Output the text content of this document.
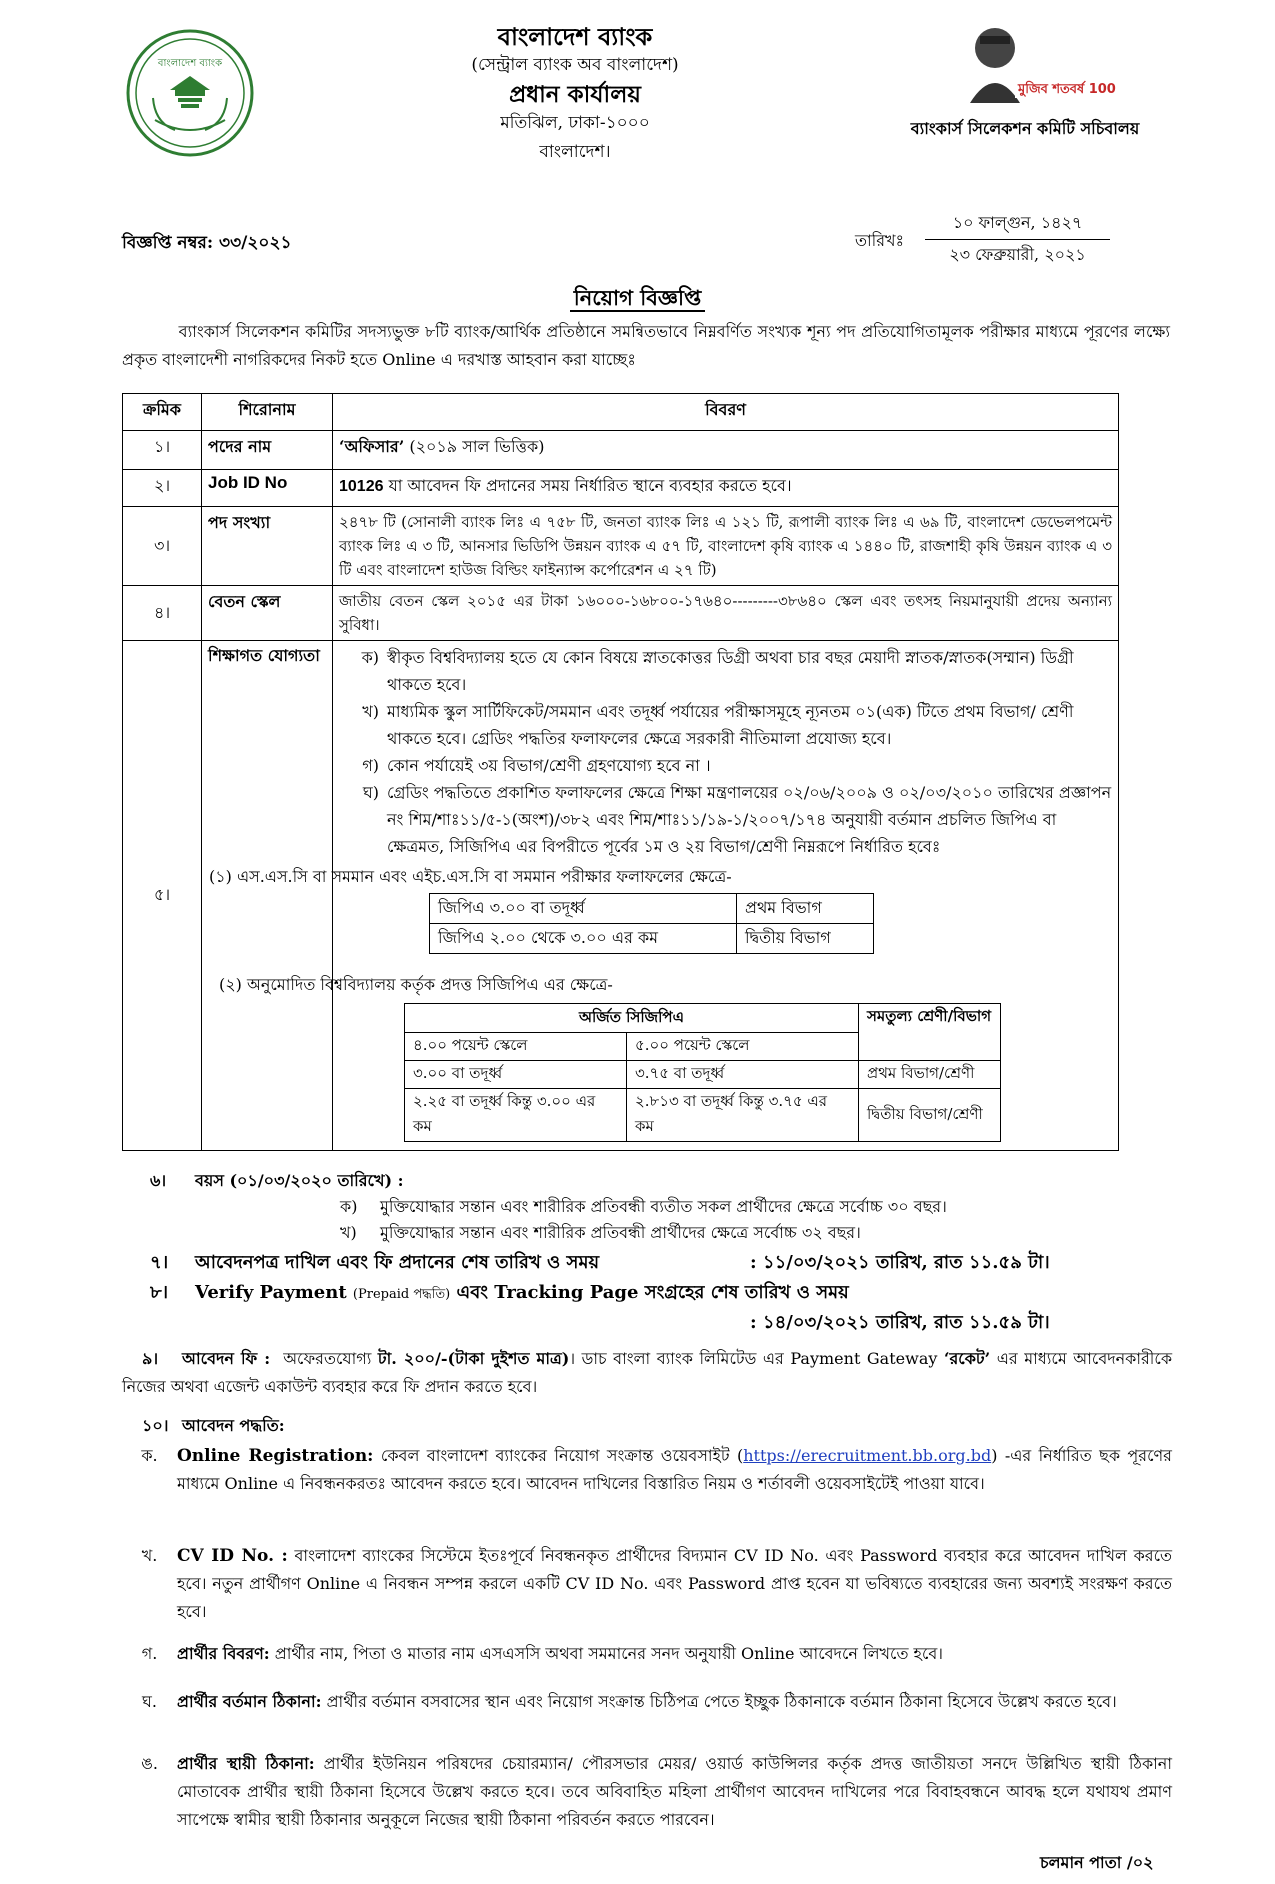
বাংলাদেশ ব্যাংক
বাংলাদেশ ব্যাংক
(সেন্ট্রাল ব্যাংক অব বাংলাদেশ)
প্রধান কার্যালয়
মতিঝিল, ঢাকা-১০০০
বাংলাদেশ।
মুজিব শতবর্ষ 100
ব্যাংকার্স সিলেকশন কমিটি সচিবালয়
বিজ্ঞপ্তি নম্বর: ৩৩/২০২১	তারিখঃ
১০ ফাল্গুন, ১৪২৭
২৩ ফেব্রুয়ারী, ২০২১
নিয়োগ বিজ্ঞপ্তি
ব্যাংকার্স সিলেকশন কমিটির সদস্যভুক্ত ৮টি ব্যাংক/আর্থিক প্রতিষ্ঠানে সমন্বিতভাবে নিম্নবর্ণিত সংখ্যক শূন্য পদ প্রতিযোগিতামূলক পরীক্ষার মাধ্যমে পূরণের লক্ষ্যে প্রকৃত বাংলাদেশী নাগরিকদের নিকট হতে Online এ দরখাস্ত আহবান করা যাচ্ছেঃ
ক্রমিক	শিরোনাম	বিবরণ
১।	পদের নাম	‘অফিসার’ (২০১৯ সাল ভিত্তিক)
২।	Job ID No	10126 যা আবেদন ফি প্রদানের সময় নির্ধারিত স্থানে ব্যবহার করতে হবে।
৩।	পদ সংখ্যা	২৪৭৮ টি (সোনালী ব্যাংক লিঃ এ ৭৫৮ টি, জনতা ব্যাংক লিঃ এ ১২১ টি, রূপালী ব্যাংক লিঃ এ ৬৯ টি, বাংলাদেশ ডেভেলপমেন্ট ব্যাংক লিঃ এ ৩ টি, আনসার ভিডিপি উন্নয়ন ব্যাংক এ ৫৭ টি, বাংলাদেশ কৃষি ব্যাংক এ ১৪৪০ টি, রাজশাহী কৃষি উন্নয়ন ব্যাংক এ ৩ টি এবং বাংলাদেশ হাউজ বিল্ডিং ফাইন্যান্স কর্পোরেশন এ ২৭ টি)
৪।	বেতন স্কেল	জাতীয় বেতন স্কেল ২০১৫ এর টাকা ১৬০০০-১৬৮০০-১৭৬৪০---------৩৮৬৪০ স্কেল এবং তৎসহ নিয়মানুযায়ী প্রদেয় অন্যান্য সুবিধা।
৫।	শিক্ষাগত যোগ্যতা	ক) স্বীকৃত বিশ্ববিদ্যালয় হতে যে কোন বিষয়ে স্নাতকোত্তর ডিগ্রী অথবা চার বছর মেয়াদী স্নাতক/স্নাতক(সম্মান) ডিগ্রী থাকতে হবে।
খ) মাধ্যমিক স্কুল সার্টিফিকেট/সমমান এবং তদূর্ধ্ব পর্যায়ের পরীক্ষাসমূহে ন্যূনতম ০১(এক) টিতে প্রথম বিভাগ/ শ্রেণী থাকতে হবে। গ্রেডিং পদ্ধতির ফলাফলের ক্ষেত্রে সরকারী নীতিমালা প্রযোজ্য হবে।
গ) কোন পর্যায়েই ৩য় বিভাগ/শ্রেণী গ্রহণযোগ্য হবে না ।
ঘ) গ্রেডিং পদ্ধতিতে প্রকাশিত ফলাফলের ক্ষেত্রে শিক্ষা মন্ত্রণালয়ের ০২/০৬/২০০৯ ও ০২/০৩/২০১০ তারিখের প্রজ্ঞাপন নং শিম/শাঃ১১/৫-১(অংশ)/৩৮২ এবং শিম/শাঃ১১/১৯-১/২০০৭/১৭৪ অনুযায়ী বর্তমান প্রচলিত জিপিএ বা ক্ষেত্রমত, সিজিপিএ এর বিপরীতে পূর্বের ১ম ও ২য় বিভাগ/শ্রেণী নিম্নরূপে নির্ধারিত হবেঃ
(১) এস.এস.সি বা সমমান এবং এইচ.এস.সি বা সমমান পরীক্ষার ফলাফলের ক্ষেত্রে-
জিপিএ ৩.০০ বা তদূর্ধ্ব	প্রথম বিভাগ
জিপিএ ২.০০ থেকে ৩.০০ এর কম	দ্বিতীয় বিভাগ
(২) অনুমোদিত বিশ্ববিদ্যালয় কর্তৃক প্রদত্ত সিজিপিএ এর ক্ষেত্রে-
অর্জিত সিজিপিএ	সমতুল্য শ্রেণী/বিভাগ
৪.০০ পয়েন্ট স্কেলে	৫.০০ পয়েন্ট স্কেলে
৩.০০ বা তদূর্ধ্ব	৩.৭৫ বা তদূর্ধ্ব	প্রথম বিভাগ/শ্রেণী
২.২৫ বা তদূর্ধ্ব কিন্তু ৩.০০ এর কম	২.৮১৩ বা তদূর্ধ্ব কিন্তু ৩.৭৫ এর কম	দ্বিতীয় বিভাগ/শ্রেণী
৬।	বয়স (০১/০৩/২০২০ তারিখে) :
ক)	মুক্তিযোদ্ধার সন্তান এবং শারীরিক প্রতিবন্ধী ব্যতীত সকল প্রার্থীদের ক্ষেত্রে সর্বোচ্চ ৩০ বছর।
খ)	মুক্তিযোদ্ধার সন্তান এবং শারীরিক প্রতিবন্ধী প্রার্থীদের ক্ষেত্রে সর্বোচ্চ ৩২ বছর।
৭।	আবেদনপত্র দাখিল এবং ফি প্রদানের শেষ তারিখ ও সময়	: ১১/০৩/২০২১ তারিখ, রাত ১১.৫৯ টা।
৮।	Verify Payment (Prepaid পদ্ধতি) এবং Tracking Page সংগ্রহের শেষ তারিখ ও সময়
: ১৪/০৩/২০২১ তারিখ, রাত ১১.৫৯ টা।
৯। আবেদন ফি : অফেরতযোগ্য টা. ২০০/-(টাকা দুইশত মাত্র)। ডাচ বাংলা ব্যাংক লিমিটেড এর Payment Gateway ‘রকেট’ এর মাধ্যমে আবেদনকারীকে নিজের অথবা এজেন্ট একাউন্ট ব্যবহার করে ফি প্রদান করতে হবে।
১০। আবেদন পদ্ধতি:
ক.	Online Registration: কেবল বাংলাদেশ ব্যাংকের নিয়োগ সংক্রান্ত ওয়েবসাইট (https://erecruitment.bb.org.bd) -এর নির্ধারিত ছক পূরণের মাধ্যমে Online এ নিবন্ধনকরতঃ আবেদন করতে হবে। আবেদন দাখিলের বিস্তারিত নিয়ম ও শর্তাবলী ওয়েবসাইটেই পাওয়া যাবে।
খ.	CV ID No. : বাংলাদেশ ব্যাংকের সিস্টেমে ইতঃপূর্বে নিবন্ধনকৃত প্রার্থীদের বিদ্যমান CV ID No. এবং Password ব্যবহার করে আবেদন দাখিল করতে হবে। নতুন প্রার্থীগণ Online এ নিবন্ধন সম্পন্ন করলে একটি CV ID No. এবং Password প্রাপ্ত হবেন যা ভবিষ্যতে ব্যবহারের জন্য অবশ্যই সংরক্ষণ করতে হবে।
গ.	প্রার্থীর বিবরণ: প্রার্থীর নাম, পিতা ও মাতার নাম এসএসসি অথবা সমমানের সনদ অনুযায়ী Online আবেদনে লিখতে হবে।
ঘ.	প্রার্থীর বর্তমান ঠিকানা: প্রার্থীর বর্তমান বসবাসের স্থান এবং নিয়োগ সংক্রান্ত চিঠিপত্র পেতে ইচ্ছুক ঠিকানাকে বর্তমান ঠিকানা হিসেবে উল্লেখ করতে হবে।
ঙ.	প্রার্থীর স্থায়ী ঠিকানা: প্রার্থীর ইউনিয়ন পরিষদের চেয়ারম্যান/ পৌরসভার মেয়র/ ওয়ার্ড কাউন্সিলর কর্তৃক প্রদত্ত জাতীয়তা সনদে উল্লিখিত স্থায়ী ঠিকানা মোতাবেক প্রার্থীর স্থায়ী ঠিকানা হিসেবে উল্লেখ করতে হবে। তবে অবিবাহিত মহিলা প্রার্থীগণ আবেদন দাখিলের পরে বিবাহবন্ধনে আবদ্ধ হলে যথাযথ প্রমাণ সাপেক্ষে স্বামীর স্থায়ী ঠিকানার অনুকূলে নিজের স্থায়ী ঠিকানা পরিবর্তন করতে পারবেন।
চলমান পাতা /০২
